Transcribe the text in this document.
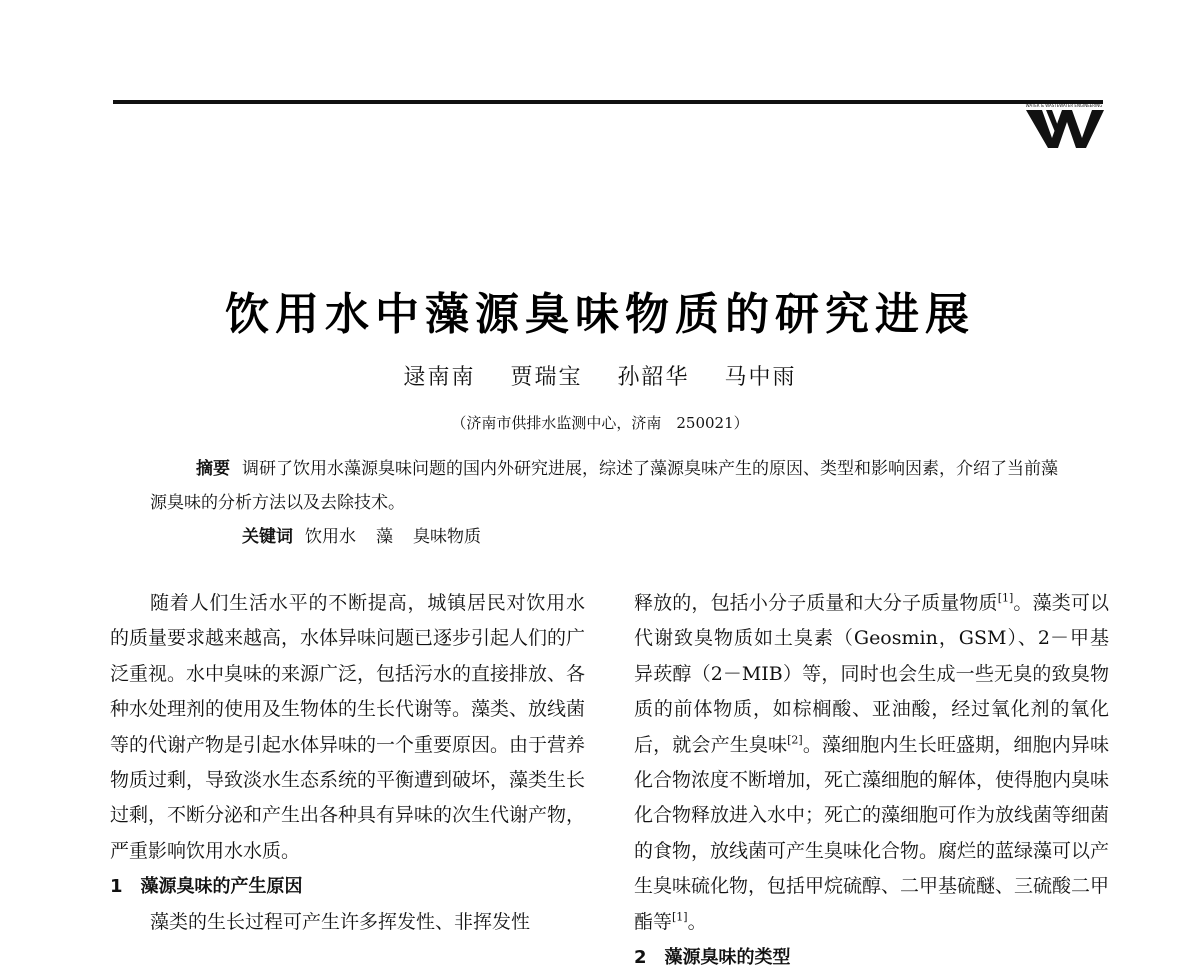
WATER & WASTEWATER ENGINEERING
饮用水中藻源臭味物质的研究进展
逯南南 贾瑞宝 孙韶华 马中雨
（济南市供排水监测中心，济南　250021）

摘要 调研了饮用水藻源臭味问题的国内外研究进展，综述了藻源臭味产生的原因、类型和影响因素，介绍了当前藻源臭味的分析方法以及去除技术。

关键词 饮用水 藻 臭味物质

随着人们生活水平的不断提高，城镇居民对饮用水的质量要求越来越高，水体异味问题已逐步引起人们的广泛重视。水中臭味的来源广泛，包括污水的直接排放、各种水处理剂的使用及生物体的生长代谢等。藻类、放线菌等的代谢产物是引起水体异味的一个重要原因。由于营养物质过剩，导致淡水生态系统的平衡遭到破坏，藻类生长过剩，不断分泌和产生出各种具有异味的次生代谢产物，严重影响饮用水水质。

1 藻源臭味的产生原因

藻类的生长过程可产生许多挥发性、非挥发性

释放的，包括小分子质量和大分子质量物质[1]。藻类可以代谢致臭物质如土臭素（Geosmin，GSM）、2－甲基异莰醇（2－MIB）等，同时也会生成一些无臭的致臭物质的前体物质，如棕榈酸、亚油酸，经过氧化剂的氧化后，就会产生臭味[2]。藻细胞内生长旺盛期，细胞内异味化合物浓度不断增加，死亡藻细胞的解体，使得胞内臭味化合物释放进入水中；死亡的藻细胞可作为放线菌等细菌的食物，放线菌可产生臭味化合物。腐烂的蓝绿藻可以产生臭味硫化物，包括甲烷硫醇、二甲基硫醚、三硫酸二甲酯等[1]。

2 藻源臭味的类型
